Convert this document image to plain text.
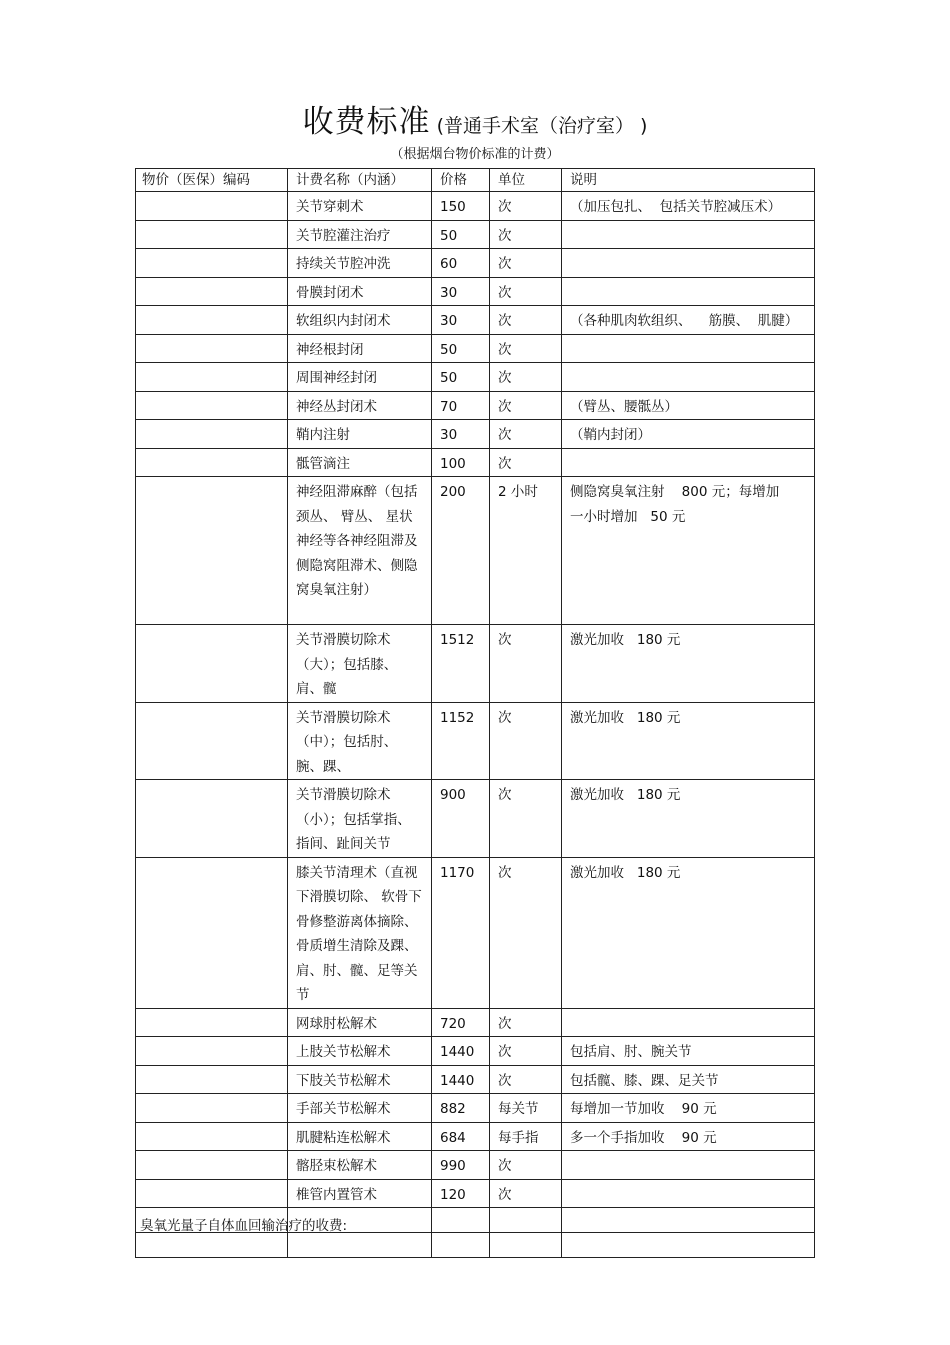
收费标准 (普通手术室（治疗室） )
（根据烟台物价标准的计费）
物价（医保）编码	计费名称（内涵）	价格	单位	说明
	关节穿刺术	150	次	（加压包扎、  包括关节腔减压术）
	关节腔灌注治疗	50	次	
	持续关节腔冲洗	60	次	
	骨膜封闭术	30	次	
	软组织内封闭术	30	次	（各种肌肉软组织、    筋膜、  肌腱）
	神经根封闭	50	次	
	周围神经封闭	50	次	
	神经丛封闭术	70	次	（臂丛、腰骶丛）
	鞘内注射	30	次	（鞘内封闭）
	骶管滴注	100	次	
	神经阻滞麻醉（包括颈丛、 臂丛、 星状神经等各神经阻滞及侧隐窝阻滞术、侧隐窝臭氧注射）	200	2 小时	侧隐窝臭氧注射    800 元；每增加
一小时增加   50 元
	关节滑膜切除术（大）；包括膝、肩、髋	1512	次	激光加收   180 元
	关节滑膜切除术（中）；包括肘、腕、踝、	1152	次	激光加收   180 元
	关节滑膜切除术（小）；包括掌指、指间、趾间关节	900	次	激光加收   180 元
	膝关节清理术（直视下滑膜切除、 软骨下骨修整游离体摘除、骨质增生清除及踝、 肩、肘、髋、足等关节	1170	次	激光加收   180 元
	网球肘松解术	720	次	
	上肢关节松解术	1440	次	包括肩、肘、腕关节
	下肢关节松解术	1440	次	包括髋、膝、踝、足关节
	手部关节松解术	882	每关节	每增加一节加收    90 元
	肌腱粘连松解术	684	每手指	多一个手指加收    90 元
	髂胫束松解术	990	次	
	椎管内置管术	120	次	

臭氧光量子自体血回输治疗的收费:
